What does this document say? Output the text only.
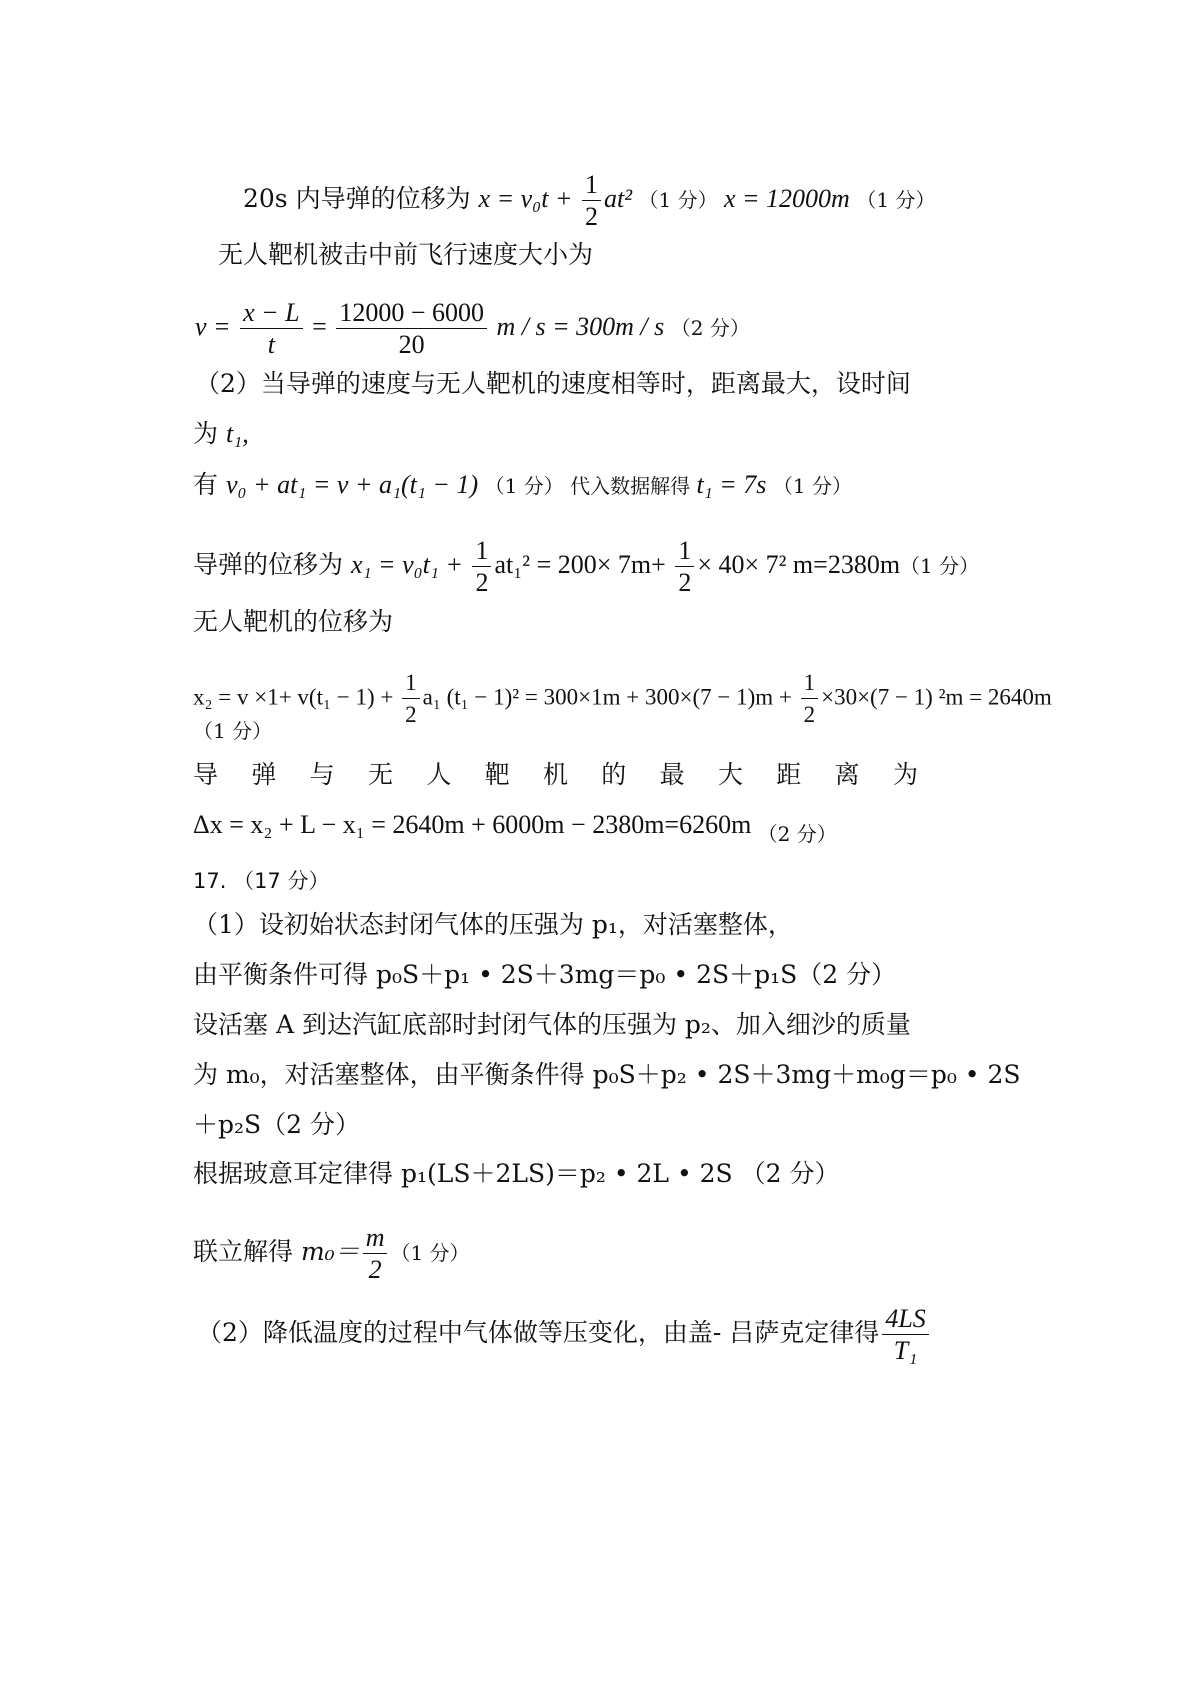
20s 内导弹的位移为 $x = v_0t + \frac{1}{2} at^2$ （1 分） x = 12000m （1 分）
无人靶机被击中前飞行速度大小为
$v = \frac{x - L}{t} = \frac{12000 - 6000}{20}$ m / s = 300m / s （2 分）
（2）当导弹的速度与无人靶机的速度相等时，距离最大，设时间
为 t₁,
有 v₀ + at₁ = v + a₁(t₁ − 1) （1 分） 代入数据解得 t₁ = 7s （1 分）
导弹的位移为 $x_1 = v_0t_1 + \frac{1}{2} at_1^2 = 200\times 7m+ \frac{1}{2} \times 40\times 7^2$ m=2380m（1 分）
无人靶机的位移为
$x_2 = v \times 1+ v(t_1 - 1) + \frac{1}{2} a_1$ $(t_1 - 1)^2 = 300\times 1m + 300\times(7 - 1)m + \frac{1}{2} \times 30\times(7 - 1) ^2m = 2640m$
（1 分）
导 弹 与 无 人 靶 机 的 最 大 距 离 为
Δx = x₂ + L − x₁ = 2640m + 6000m − 2380m=6260m $_{(2 分)}$
17. （17 分）
（1）设初始状态封闭气体的压强为 p₁，对活塞整体，
由平衡条件可得 p₀S＋p₁ • 2S＋3mg＝p₀ • 2S＋p₁S（2 分）
设活塞 A 到达汽缸底部时封闭气体的压强为 p₂、加入细沙的质量
为 m₀，对活塞整体，由平衡条件得 p₀S＋p₂ • 2S＋3mg＋m₀g＝p₀ • 2S
＋p₂S（2 分）
根据玻意耳定律得 p₁(LS＋2LS)＝p₂ • 2L • 2S （2 分）
联立解得 $m_0= \frac{m}{2} (1$ 分）
（2）降低温度的过程中气体做等压变化，由盖- 吕萨克定律得 $\frac{4LS}{\text{T₁}}$
